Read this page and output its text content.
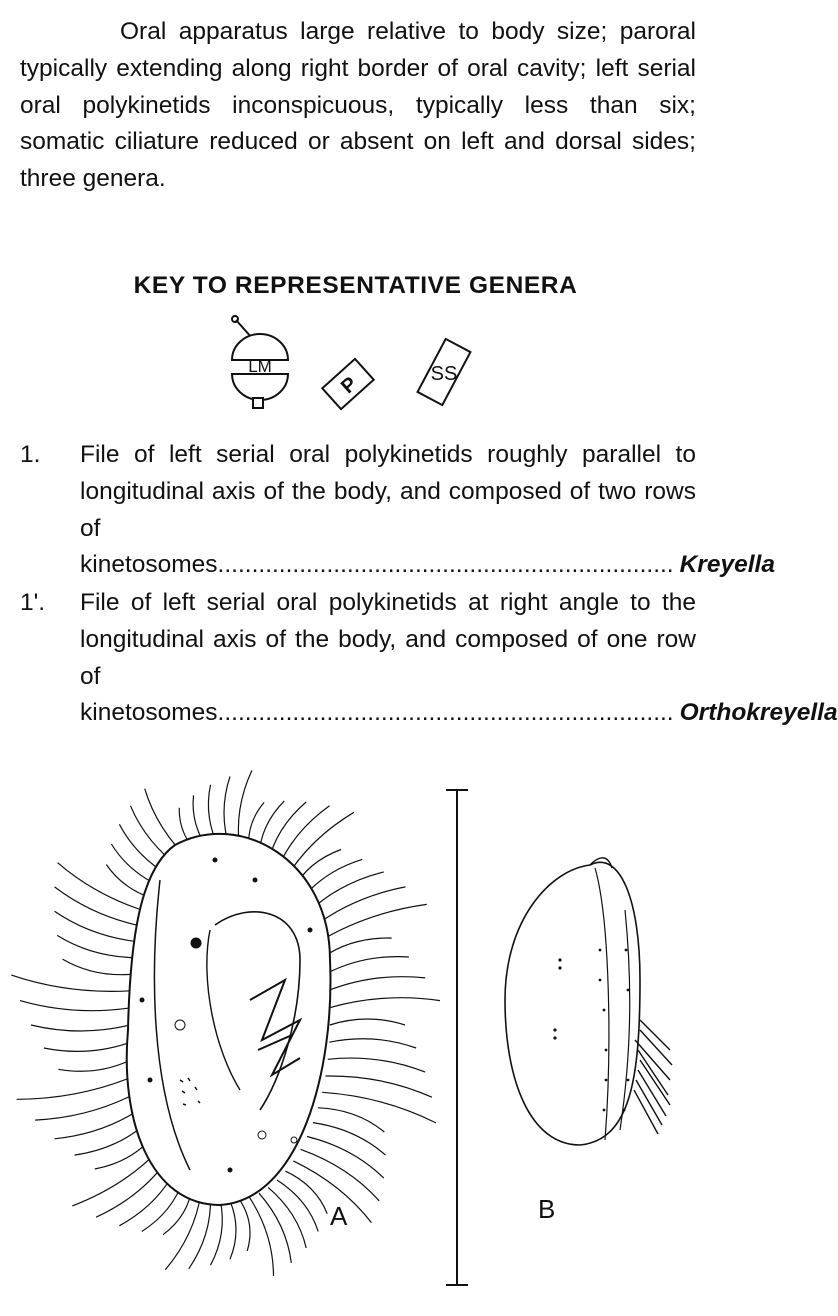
Oral apparatus large relative to body size; paroral typically extending along right border of oral cavity; left serial oral polykinetids inconspicuous, typically less than six; somatic ciliature reduced or absent on left and dorsal sides; three genera.

KEY TO REPRESENTATIVE GENERA
LM
P	SS
1. File of left serial oral polykinetids roughly parallel to longitudinal axis of the body, and composed of two rows of
kinetosomes................................................................... Kreyella
1'. File of left serial oral polykinetids at right angle to the longitudinal axis of the body, and composed of one row of
kinetosomes................................................................... Orthokreyella
A	B
